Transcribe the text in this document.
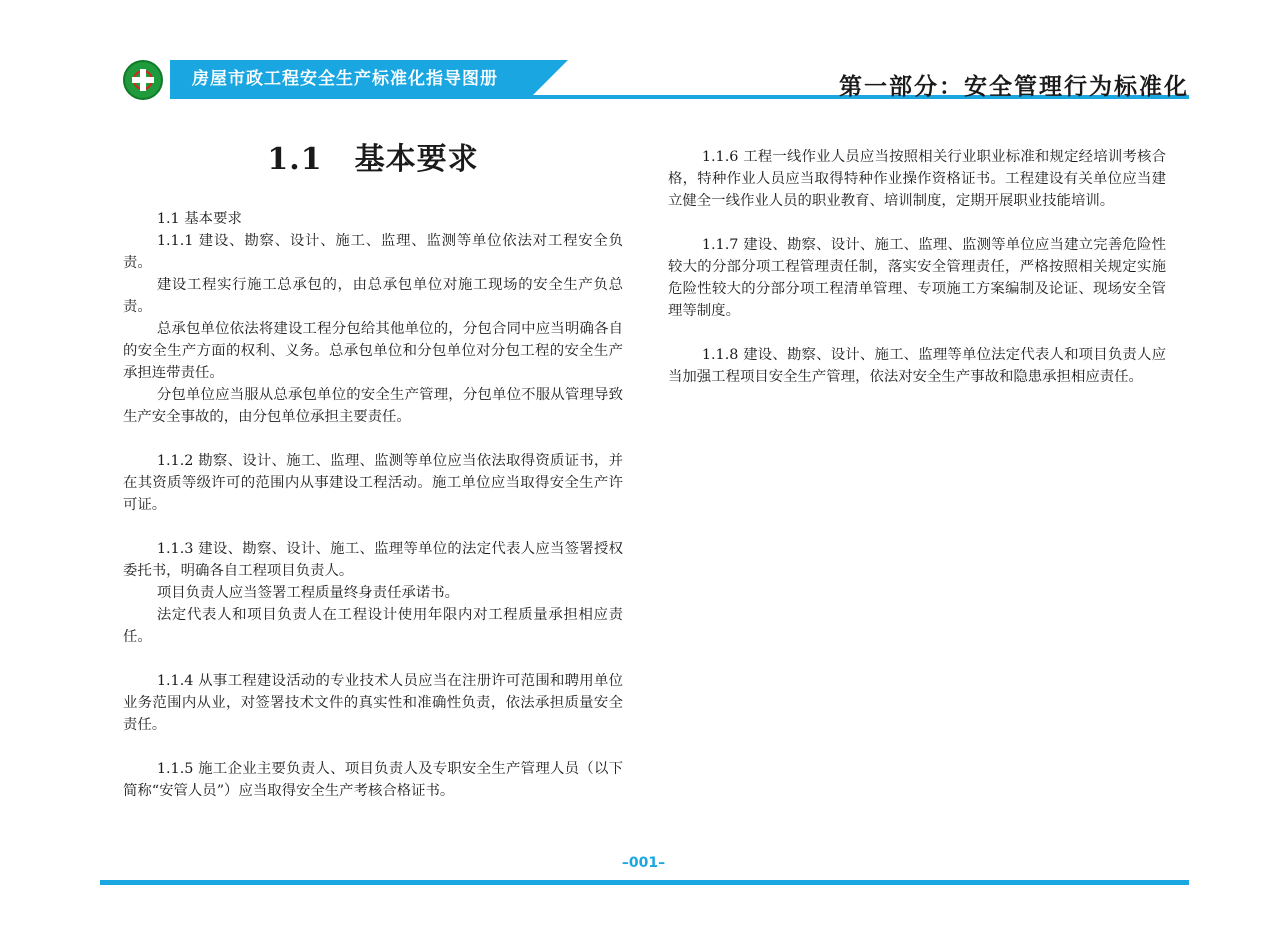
房屋市政工程安全生产标准化指导图册	第一部分：安全管理行为标准化
1.1 基本要求

1.1 基本要求

1.1.1 建设、勘察、设计、施工、监理、监测等单位依法对工程安全负责。

建设工程实行施工总承包的，由总承包单位对施工现场的安全生产负总责。

总承包单位依法将建设工程分包给其他单位的，分包合同中应当明确各自的安全生产方面的权利、义务。总承包单位和分包单位对分包工程的安全生产承担连带责任。

分包单位应当服从总承包单位的安全生产管理，分包单位不服从管理导致生产安全事故的，由分包单位承担主要责任。

1.1.2 勘察、设计、施工、监理、监测等单位应当依法取得资质证书，并在其资质等级许可的范围内从事建设工程活动。施工单位应当取得安全生产许可证。

1.1.3 建设、勘察、设计、施工、监理等单位的法定代表人应当签署授权委托书，明确各自工程项目负责人。

项目负责人应当签署工程质量终身责任承诺书。

法定代表人和项目负责人在工程设计使用年限内对工程质量承担相应责任。

1.1.4 从事工程建设活动的专业技术人员应当在注册许可范围和聘用单位业务范围内从业，对签署技术文件的真实性和准确性负责，依法承担质量安全责任。

1.1.5 施工企业主要负责人、项目负责人及专职安全生产管理人员（以下简称“安管人员”）应当取得安全生产考核合格证书。

1.1.6 工程一线作业人员应当按照相关行业职业标准和规定经培训考核合格，特种作业人员应当取得特种作业操作资格证书。工程建设有关单位应当建立健全一线作业人员的职业教育、培训制度，定期开展职业技能培训。

1.1.7 建设、勘察、设计、施工、监理、监测等单位应当建立完善危险性较大的分部分项工程管理责任制，落实安全管理责任，严格按照相关规定实施危险性较大的分部分项工程清单管理、专项施工方案编制及论证、现场安全管理等制度。

1.1.8 建设、勘察、设计、施工、监理等单位法定代表人和项目负责人应当加强工程项目安全生产管理，依法对安全生产事故和隐患承担相应责任。

–001–
